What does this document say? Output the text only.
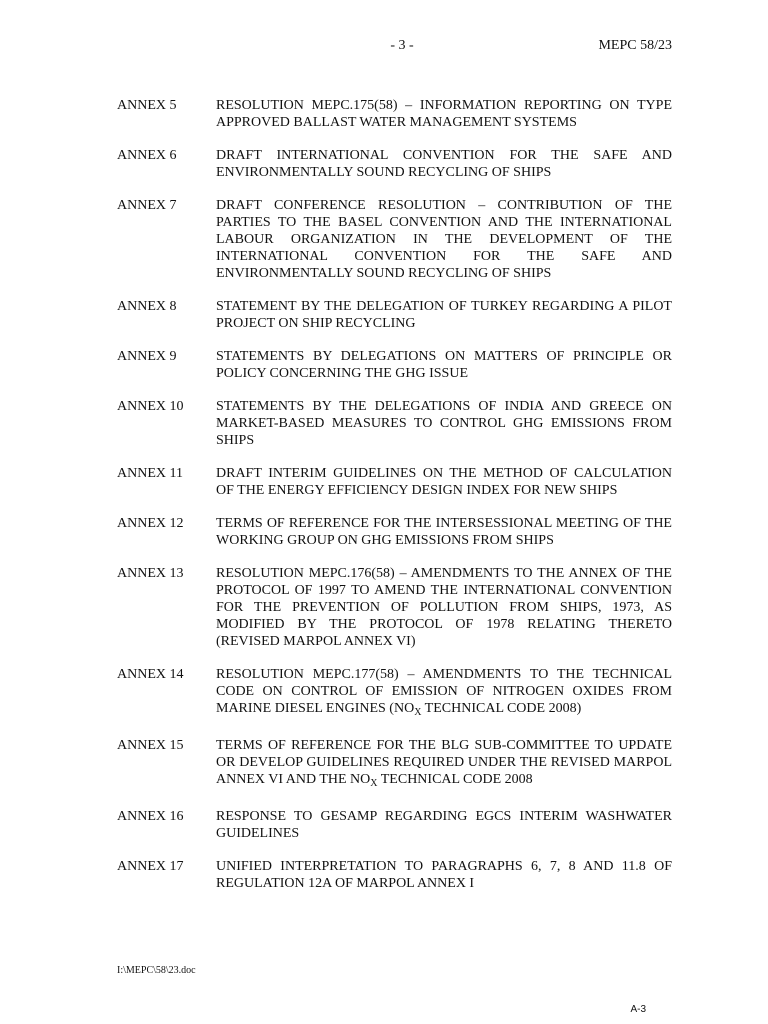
- 3 -	MEPC 58/23
ANNEX 5	RESOLUTION MEPC.175(58) – INFORMATION REPORTING ON TYPE APPROVED BALLAST WATER MANAGEMENT SYSTEMS
ANNEX 6	DRAFT INTERNATIONAL CONVENTION FOR THE SAFE AND ENVIRONMENTALLY SOUND RECYCLING OF SHIPS
ANNEX 7	DRAFT CONFERENCE RESOLUTION – CONTRIBUTION OF THE PARTIES TO THE BASEL CONVENTION AND THE INTERNATIONAL LABOUR ORGANIZATION IN THE DEVELOPMENT OF THE INTERNATIONAL CONVENTION FOR THE SAFE AND ENVIRONMENTALLY SOUND RECYCLING OF SHIPS
ANNEX 8	STATEMENT BY THE DELEGATION OF TURKEY REGARDING A PILOT PROJECT ON SHIP RECYCLING
ANNEX 9	STATEMENTS BY DELEGATIONS ON MATTERS OF PRINCIPLE OR POLICY CONCERNING THE GHG ISSUE
ANNEX 10	STATEMENTS BY THE DELEGATIONS OF INDIA AND GREECE ON MARKET-BASED MEASURES TO CONTROL GHG EMISSIONS FROM SHIPS
ANNEX 11	DRAFT INTERIM GUIDELINES ON THE METHOD OF CALCULATION OF THE ENERGY EFFICIENCY DESIGN INDEX FOR NEW SHIPS
ANNEX 12	TERMS OF REFERENCE FOR THE INTERSESSIONAL MEETING OF THE WORKING GROUP ON GHG EMISSIONS FROM SHIPS
ANNEX 13	RESOLUTION MEPC.176(58) – AMENDMENTS TO THE ANNEX OF THE PROTOCOL OF 1997 TO AMEND THE INTERNATIONAL CONVENTION FOR THE PREVENTION OF POLLUTION FROM SHIPS, 1973, AS MODIFIED BY THE PROTOCOL OF 1978 RELATING THERETO (REVISED MARPOL ANNEX VI)
ANNEX 14	RESOLUTION MEPC.177(58) – AMENDMENTS TO THE TECHNICAL CODE ON CONTROL OF EMISSION OF NITROGEN OXIDES FROM MARINE DIESEL ENGINES ($NO_X$ TECHNICAL CODE 2008)
ANNEX 15	TERMS OF REFERENCE FOR THE BLG SUB-COMMITTEE TO UPDATE OR DEVELOP GUIDELINES REQUIRED UNDER THE REVISED MARPOL ANNEX VI AND THE $NO_X$ TECHNICAL CODE 2008
ANNEX 16	RESPONSE TO GESAMP REGARDING EGCS INTERIM WASHWATER GUIDELINES
ANNEX 17	UNIFIED INTERPRETATION TO PARAGRAPHS 6, 7, 8 AND 11.8 OF REGULATION 12A OF MARPOL ANNEX I
I:\MEPC\58\23.doc
A-3
